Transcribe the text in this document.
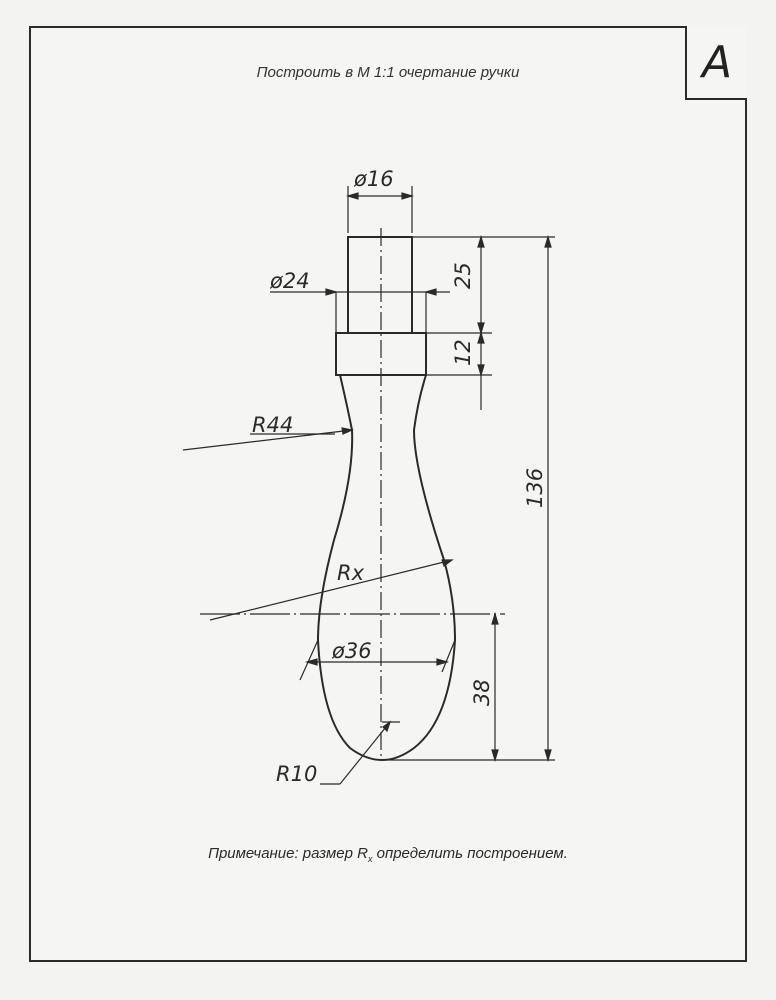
А
Построить в М 1:1 очертание ручки
ø16
ø24	25
12
136
38
R44
Rx
ø36
R10
Примечание: размер $R_x$ определить построением.
